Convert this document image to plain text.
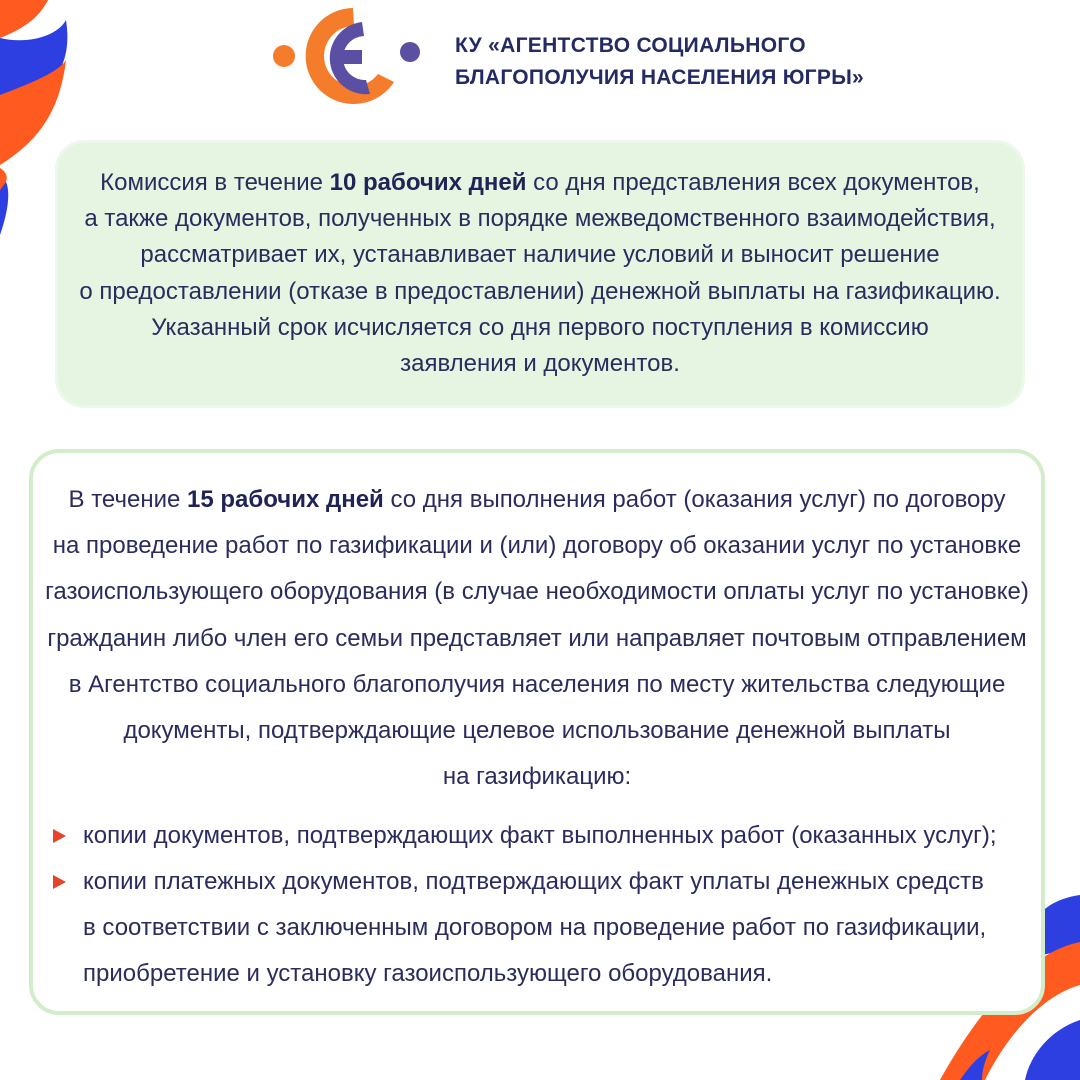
КУ «АГЕНТСТВО СОЦИАЛЬНОГО
БЛАГОПОЛУЧИЯ НАСЕЛЕНИЯ ЮГРЫ»
Комиссия в течение 10 рабочих дней со дня представления всех документов,
а также документов, полученных в порядке межведомственного взаимодействия,
рассматривает их, устанавливает наличие условий и выносит решение
о предоставлении (отказе в предоставлении) денежной выплаты на газификацию.
Указанный срок исчисляется со дня первого поступления в комиссию
заявления и документов.
В течение 15 рабочих дней со дня выполнения работ (оказания услуг) по договору
на проведение работ по газификации и (или) договору об оказании услуг по установке
газоиспользующего оборудования (в случае необходимости оплаты услуг по установке)
гражданин либо член его семьи представляет или направляет почтовым отправлением
в Агентство социального благополучия населения по месту жительства следующие
документы, подтверждающие целевое использование денежной выплаты
на газификацию:
копии документов, подтверждающих факт выполненных работ (оказанных услуг);
копии платежных документов, подтверждающих факт уплаты денежных средств
в соответствии с заключенным договором на проведение работ по газификации,
приобретение и установку газоиспользующего оборудования.
